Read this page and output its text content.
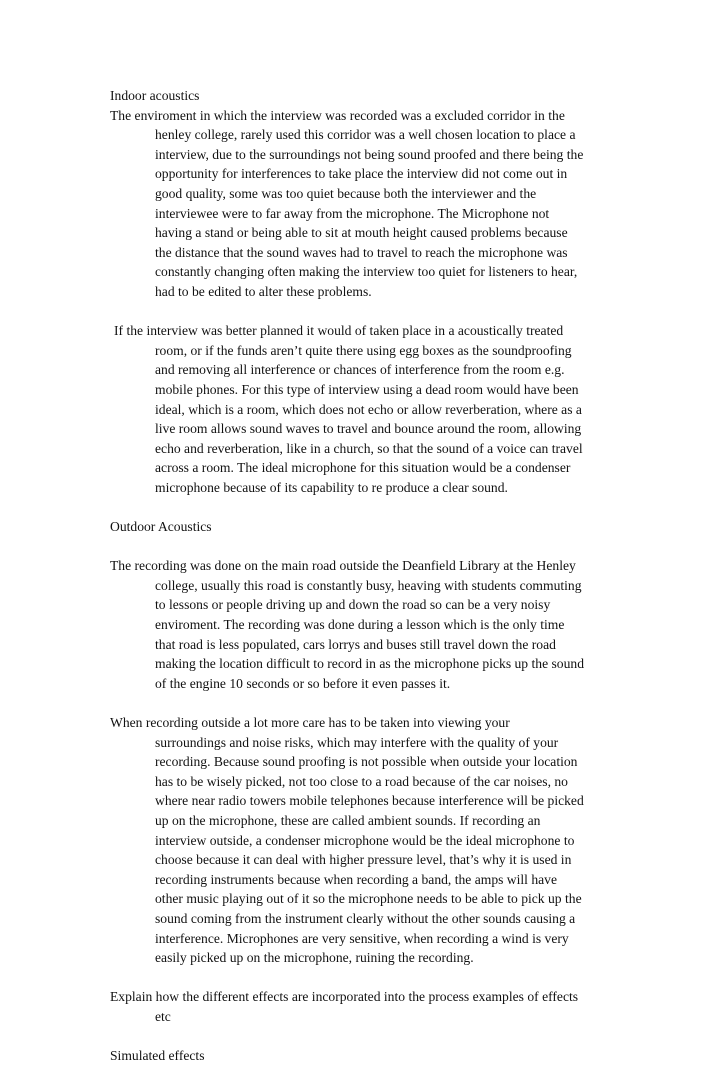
Indoor acoustics

The enviroment in which the interview was recorded was a excluded corridor in the

henley college, rarely used this corridor was a well chosen location to place a

interview, due to the surroundings not being sound proofed and there being the

opportunity for interferences to take place the interview did not come out in

good quality, some was too quiet because both the interviewer and the

interviewee were to far away from the microphone. The Microphone not

having a stand or being able to sit at mouth height caused problems because

the distance that the sound waves had to travel to reach the microphone was

constantly changing often making the interview too quiet for listeners to hear,

had to be edited to alter these problems.

If the interview was better planned it would of taken place in a acoustically treated

room, or if the funds aren’t quite there using egg boxes as the soundproofing

and removing all interference or chances of interference from the room e.g.

mobile phones. For this type of interview using a dead room would have been

ideal, which is a room, which does not echo or allow reverberation, where as a

live room allows sound waves to travel and bounce around the room, allowing

echo and reverberation, like in a church, so that the sound of a voice can travel

across a room. The ideal microphone for this situation would be a condenser

microphone because of its capability to re produce a clear sound.

Outdoor Acoustics

The recording was done on the main road outside the Deanfield Library at the Henley

college, usually this road is constantly busy, heaving with students commuting

to lessons or people driving up and down the road so can be a very noisy

enviroment. The recording was done during a lesson which is the only time

that road is less populated, cars lorrys and buses still travel down the road

making the location difficult to record in as the microphone picks up the sound

of the engine 10 seconds or so before it even passes it.

When recording outside a lot more care has to be taken into viewing your

surroundings and noise risks, which may interfere with the quality of your

recording. Because sound proofing is not possible when outside your location

has to be wisely picked, not too close to a road because of the car noises, no

where near radio towers mobile telephones because interference will be picked

up on the microphone, these are called ambient sounds. If recording an

interview outside, a condenser microphone would be the ideal microphone to

choose because it can deal with higher pressure level, that’s why it is used in

recording instruments because when recording a band, the amps will have

other music playing out of it so the microphone needs to be able to pick up the

sound coming from the instrument clearly without the other sounds causing a

interference. Microphones are very sensitive, when recording a wind is very

easily picked up on the microphone, ruining the recording.

Explain how the different effects are incorporated into the process examples of effects

etc

Simulated effects
